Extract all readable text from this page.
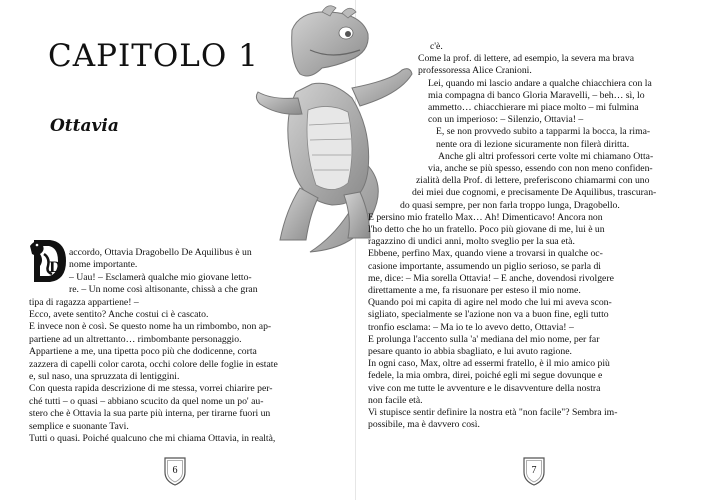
CAPITOLO 1
Ottavia
D
accordo, Ottavia Dragobello De Aquilibus è un
nome importante.
– Uau! – Esclamerà qualche mio giovane letto-
re. – Un nome così altisonante, chissà a che gran
tipa di ragazza appartiene! –
Ecco, avete sentito? Anche costui ci è cascato.
E invece non è così. Se questo nome ha un rimbombo, non ap-
partiene ad un altrettanto… rimbombante personaggio.
Appartiene a me, una tipetta poco più che dodicenne, corta
zazzera di capelli color carota, occhi colore delle foglie in estate
e, sul naso, una spruzzata di lentiggini.
Con questa rapida descrizione di me stessa, vorrei chiarire per-
ché tutti – o quasi – abbiano scucito da quel nome un po' au-
stero che è Ottavia la sua parte più interna, per tirarne fuori un
semplice e suonante Tavi.
Tutti o quasi. Poiché qualcuno che mi chiama Ottavia, in realtà,
6
c'è.
Come la prof. di lettere, ad esempio, la severa ma brava
professoressa Alice Cranioni.
Lei, quando mi lascio andare a qualche chiacchiera con la
mia compagna di banco Gloria Maravelli, – beh… sì, lo
ammetto… chiacchierare mi piace molto – mi fulmina
con un imperioso: – Silenzio, Ottavia! –
E, se non provvedo subito a tapparmi la bocca, la rima-
nente ora di lezione sicuramente non filerà diritta.
Anche gli altri professori certe volte mi chiamano Otta-
via, anche se più spesso, essendo con non meno confiden-
zialità della Prof. di lettere, preferiscono chiamarmi con uno
dei miei due cognomi, e precisamente De Aquilibus, trascuran-
do quasi sempre, per non farla troppo lunga, Dragobello.
E persino mio fratello Max… Ah! Dimenticavo! Ancora non
l'ho detto che ho un fratello. Poco più giovane di me, lui è un
ragazzino di undici anni, molto sveglio per la sua età.
Ebbene, perfino Max, quando viene a trovarsi in qualche oc-
casione importante, assumendo un piglio serioso, se parla di
me, dice: – Mia sorella Ottavia! – E anche, dovendosi rivolgere
direttamente a me, fa risuonare per esteso il mio nome.
Quando poi mi capita di agire nel modo che lui mi aveva scon-
sigliato, specialmente se l'azione non va a buon fine, egli tutto
tronfio esclama: – Ma io te lo avevo detto, Ottavia! –
E prolunga l'accento sulla 'a' mediana del mio nome, per far
pesare quanto io abbia sbagliato, e lui avuto ragione.
In ogni caso, Max, oltre ad essermi fratello, è il mio amico più
fedele, la mia ombra, direi, poiché egli mi segue dovunque e
vive con me tutte le avventure e le disavventure della nostra
non facile età.
Vi stupisce sentir definire la nostra età "non facile"? Sembra im-
possibile, ma è davvero così.
7
